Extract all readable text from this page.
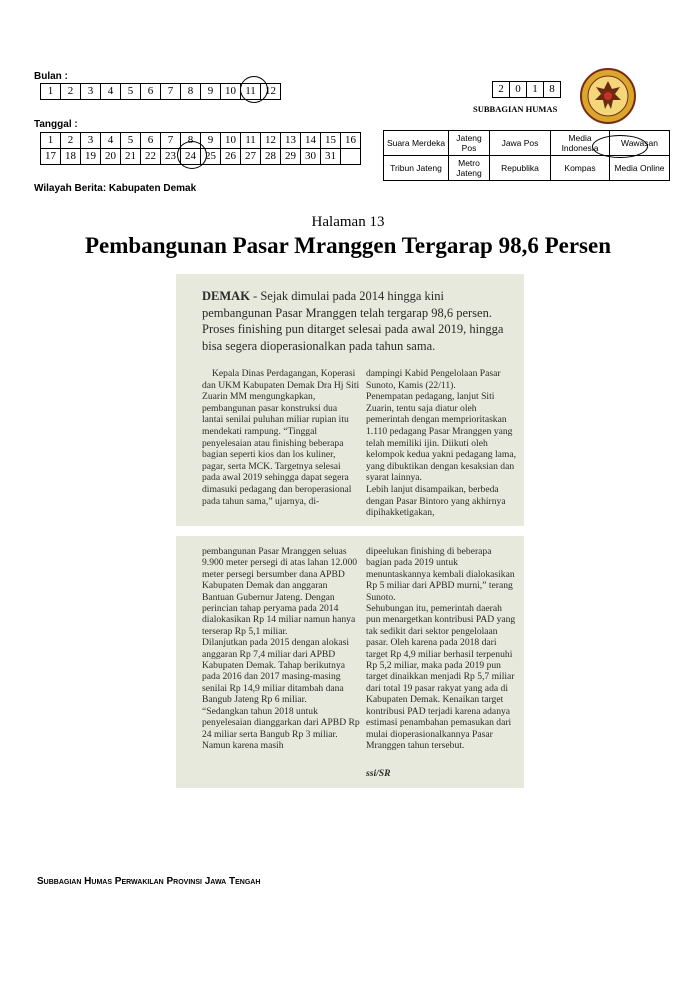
Bulan :
1	2	3	4	5	6	7	8	9	10	11	12
Tanggal :
1	2	3	4	5	6	7	8	9	10	11	12	13	14	15	16
17	18	19	20	21	22	23	24	25	26	27	28	29	30	31	
2	0	1	8
SUBBAGIAN HUMAS
Suara Merdeka	Jateng Pos	Jawa Pos	Media Indonesia	Wawasan
Tribun Jateng	Metro Jateng	Republika	Kompas	Media Online
Wilayah Berita: Kabupaten Demak
Halaman 13
Pembangunan Pasar Mranggen Tergarap 98,6 Persen

DEMAK - Sejak dimulai pada 2014 hingga kini pembangunan Pasar Mranggen telah tergarap 98,6 persen. Proses finishing pun ditarget selesai pada awal 2019, hingga bisa segera dioperasionalkan pada tahun sama.

Kepala Dinas Perdagangan, Koperasi dan UKM Kabupaten Demak Dra Hj Siti Zuarin MM mengungkapkan, pembangunan pasar konstruksi dua lantai senilai puluhan miliar rupian itu mendekati rampung. “Tinggal penyelesaian atau finishing beberapa bagian seperti kios dan los kuliner, pagar, serta MCK. Targetnya selesai pada awal 2019 sehingga dapat segera dimasuki pedagang dan beroperasional pada tahun sama,” ujarnya, di-

dampingi Kabid Pengelolaan Pasar Sunoto, Kamis (22/11).
Penempatan pedagang, lanjut Siti Zuarin, tentu saja diatur oleh pemerintah dengan memprioritaskan 1.110 pedagang Pasar Mranggen yang telah memiliki ijin. Diikuti oleh kelompok kedua yakni pedagang lama, yang dibuktikan dengan kesaksian dan syarat lainnya.
Lebih lanjut disampaikan, berbeda dengan Pasar Bintoro yang akhirnya dipihakketigakan,

pembangunan Pasar Mranggen seluas 9.900 meter persegi di atas lahan 12.000 meter persegi bersumber dana APBD Kabupaten Demak dan anggaran Bantuan Gubernur Jateng. Dengan perincian tahap peryama pada 2014 dialokasikan Rp 14 miliar namun hanya terserap Rp 5,1 miliar.
Dilanjutkan pada 2015 dengan alokasi anggaran Rp 7,4 miliar dari APBD Kabupaten Demak. Tahap berikutnya pada 2016 dan 2017 masing-masing senilai Rp 14,9 miliar ditambah dana Bangub Jateng Rp 6 miliar.
“Sedangkan tahun 2018 untuk penyelesaian dianggarkan dari APBD Rp 24 miliar serta Bangub Rp 3 miliar. Namun karena masih

dipeelukan finishing di beberapa bagian pada 2019 untuk menuntaskannya kembali dialokasikan Rp 5 miliar dari APBD murni,” terang Sunoto.
Sehubungan itu, pemerintah daerah pun menargetkan kontribusi PAD yang tak sedikit dari sektor pengelolaan pasar. Oleh karena pada 2018 dari target Rp 4,9 miliar berhasil terpenuhi Rp 5,2 miliar, maka pada 2019 pun target dinaikkan menjadi Rp 5,7 miliar dari total 19 pasar rakyat yang ada di Kabupaten Demak. Kenaikan target kontribusi PAD terjadi karena adanya estimasi penambahan pemasukan dari mulai dioperasionalkannya Pasar Mranggen tahun tersebut.

ssi/SR

Subbagian Humas Perwakilan Provinsi Jawa Tengah
